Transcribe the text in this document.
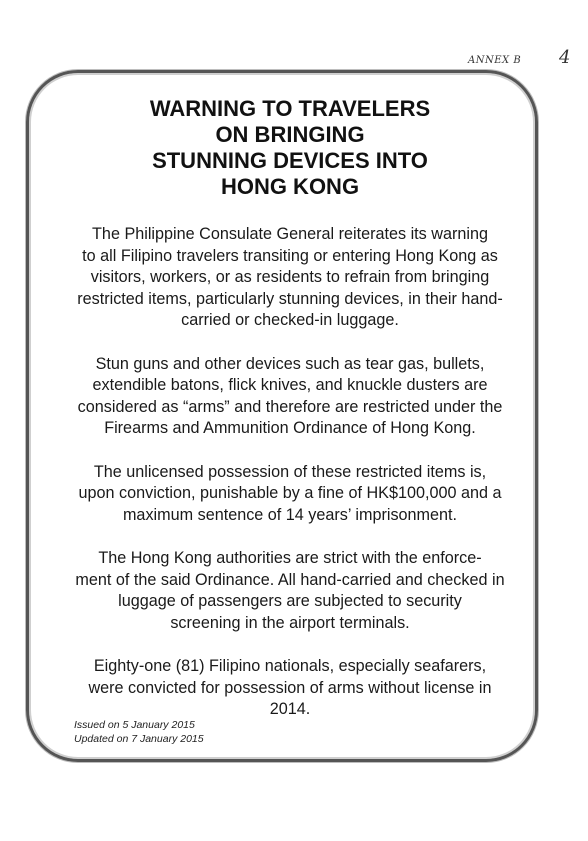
ANNEX B 4
WARNING TO TRAVELERS
ON BRINGING
STUNNING DEVICES INTO
HONG KONG

The Philippine Consulate General reiterates its warning
to all Filipino travelers transiting or entering Hong Kong as
visitors, workers, or as residents to refrain from bringing
restricted items, particularly stunning devices, in their hand-
carried or checked-in luggage.

Stun guns and other devices such as tear gas, bullets,
extendible batons, flick knives, and knuckle dusters are
considered as “arms” and therefore are restricted under the
Firearms and Ammunition Ordinance of Hong Kong.

The unlicensed possession of these restricted items is,
upon conviction, punishable by a fine of HK$100,000 and a
maximum sentence of 14 years’ imprisonment.

The Hong Kong authorities are strict with the enforce-
ment of the said Ordinance. All hand-carried and checked in
luggage of passengers are subjected to security
screening in the airport terminals.

Eighty-one (81) Filipino nationals, especially seafarers,
were convicted for possession of arms without license in
2014.

Issued on 5 January 2015
Updated on 7 January 2015
